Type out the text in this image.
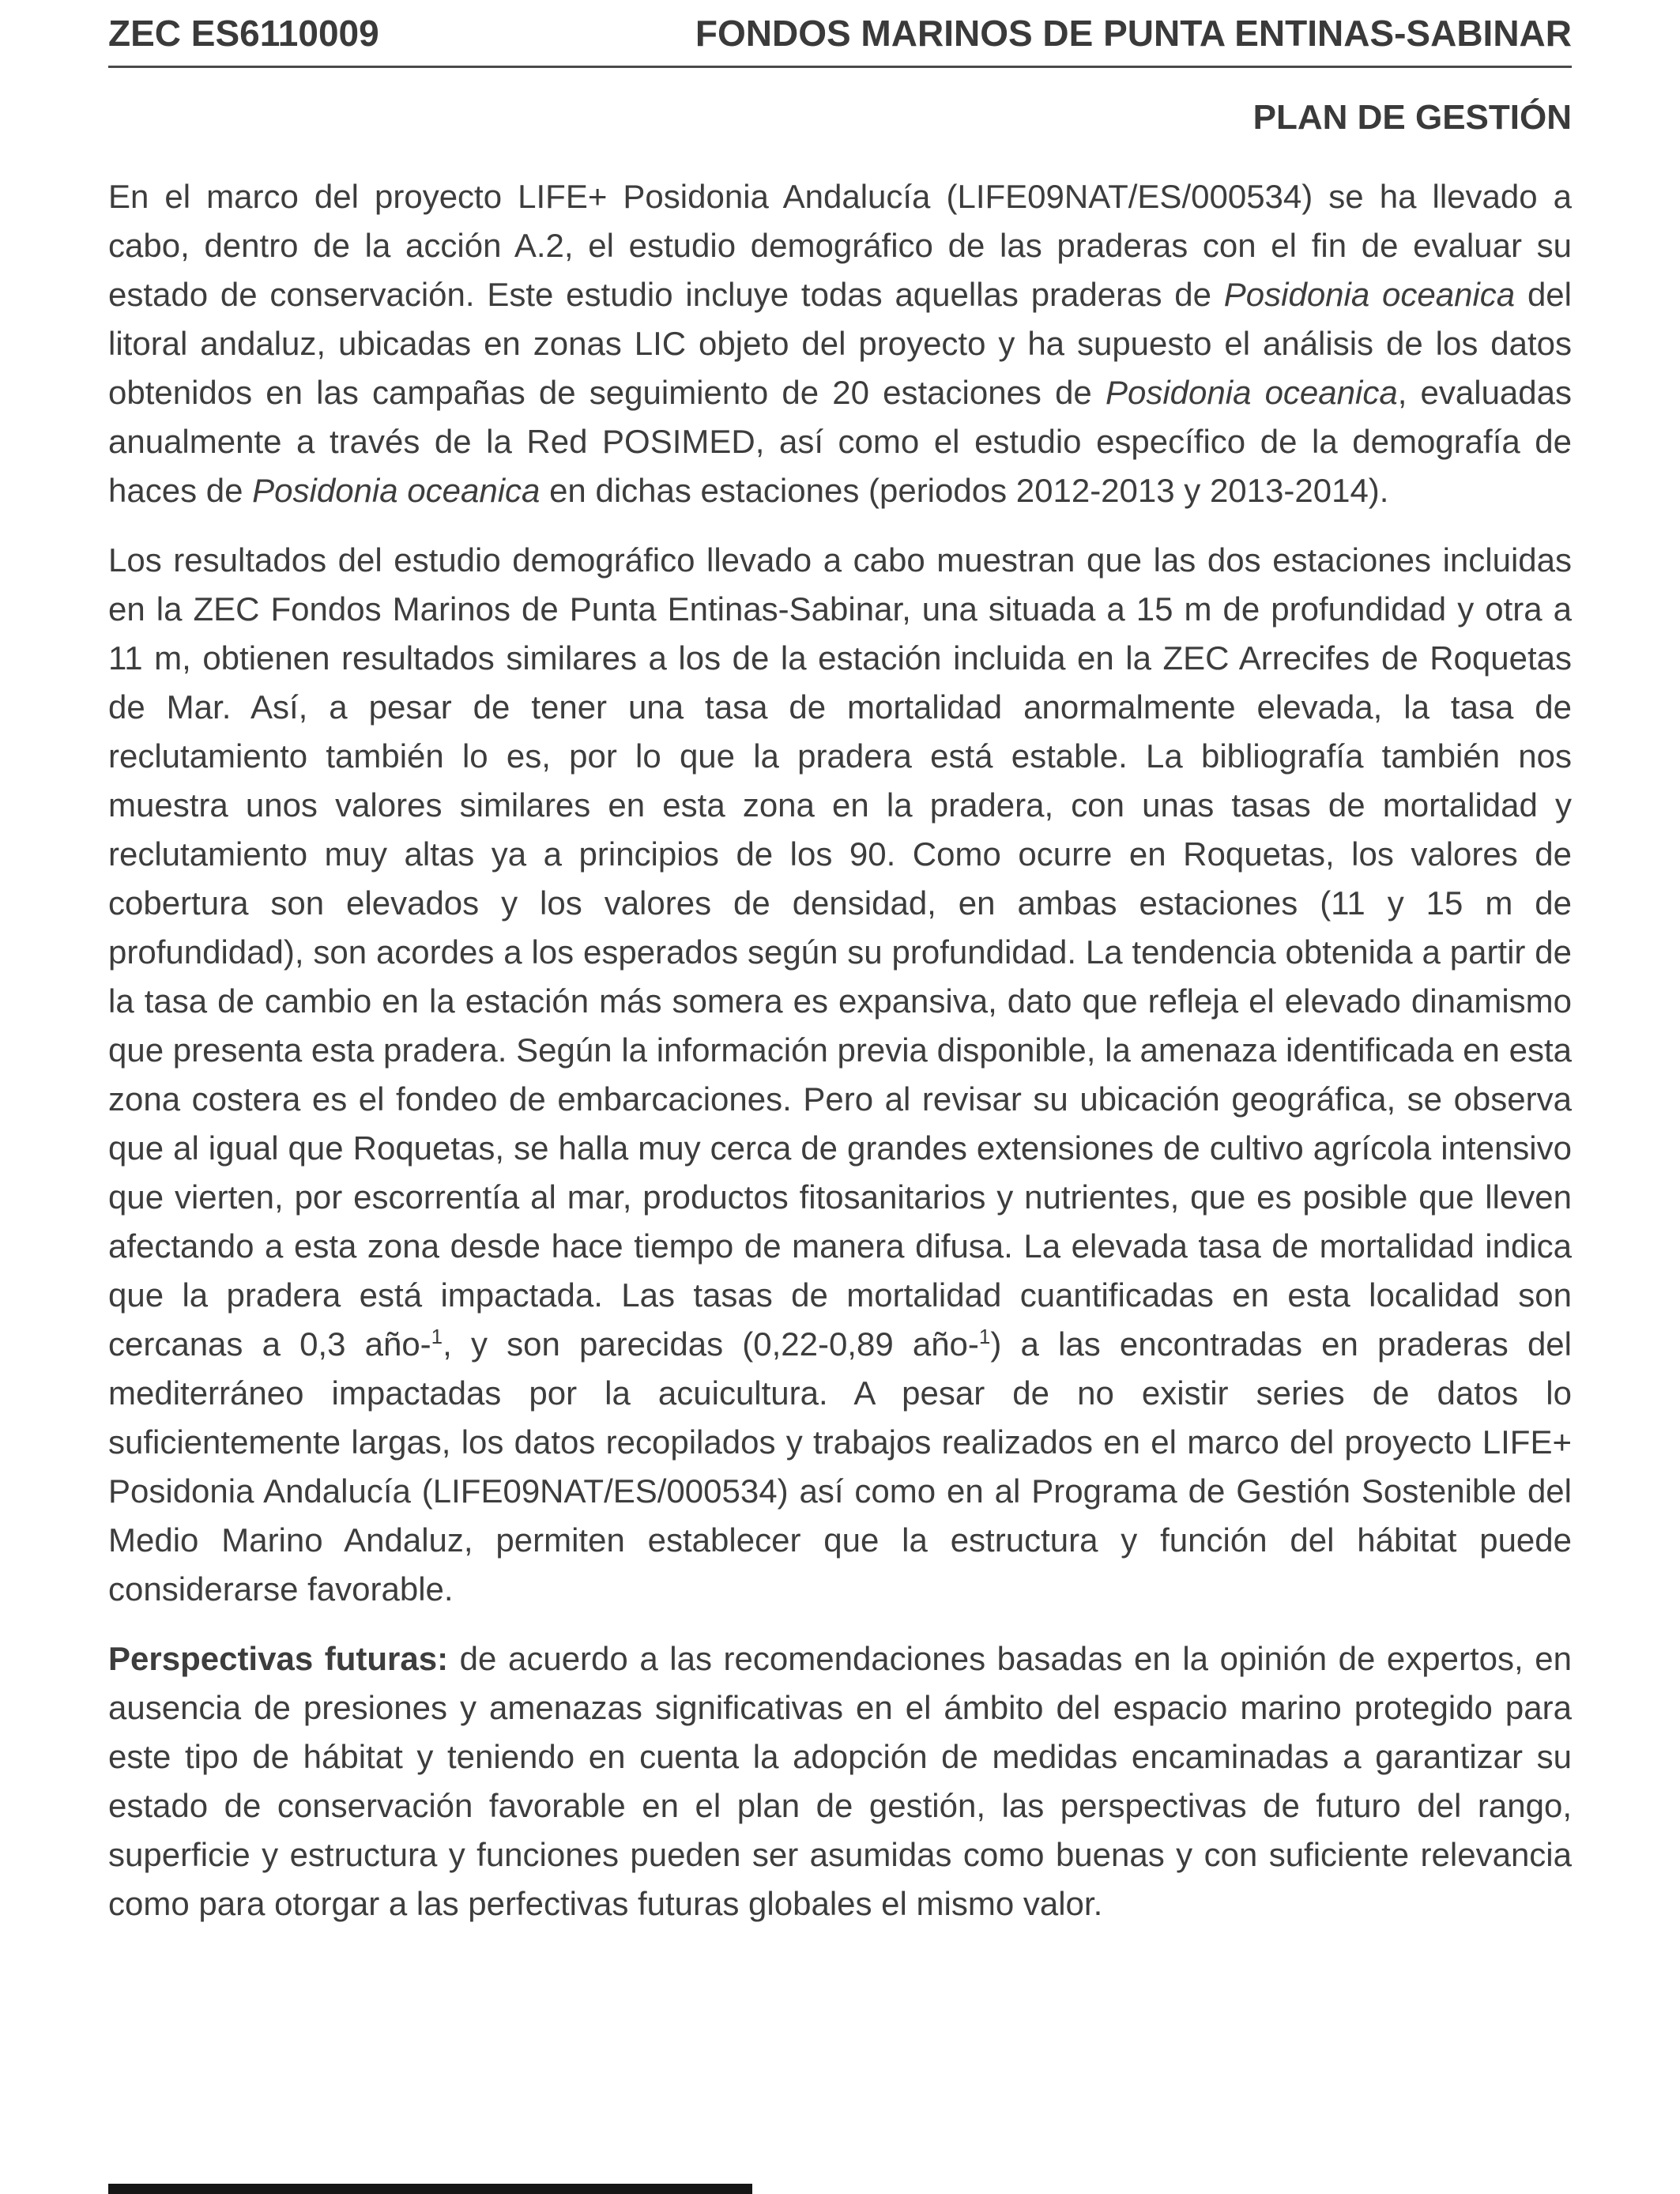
ZEC ES6110009	FONDOS MARINOS DE PUNTA ENTINAS-SABINAR
PLAN DE GESTIÓN

En el marco del proyecto LIFE+ Posidonia Andalucía (LIFE09NAT/ES/000534) se ha llevado a cabo, dentro de la acción A.2, el estudio demográfico de las praderas con el fin de evaluar su estado de conservación. Este estudio incluye todas aquellas praderas de Posidonia oceanica del litoral andaluz, ubicadas en zonas LIC objeto del proyecto y ha supuesto el análisis de los datos obtenidos en las campañas de seguimiento de 20 estaciones de Posidonia oceanica, evaluadas anualmente a través de la Red POSIMED, así como el estudio específico de la demografía de haces de Posidonia oceanica en dichas estaciones (periodos 2012-2013 y 2013-2014).

Los resultados del estudio demográfico llevado a cabo muestran que las dos estaciones incluidas en la ZEC Fondos Marinos de Punta Entinas-Sabinar, una situada a 15 m de profundidad y otra a 11 m, obtienen resultados similares a los de la estación incluida en la ZEC Arrecifes de Roquetas de Mar. Así, a pesar de tener una tasa de mortalidad anormalmente elevada, la tasa de reclutamiento también lo es, por lo que la pradera está estable. La bibliografía también nos muestra unos valores similares en esta zona en la pradera, con unas tasas de mortalidad y reclutamiento muy altas ya a principios de los 90. Como ocurre en Roquetas, los valores de cobertura son elevados y los valores de densidad, en ambas estaciones (11 y 15 m de profundidad), son acordes a los esperados según su profundidad. La tendencia obtenida a partir de la tasa de cambio en la estación más somera es expansiva, dato que refleja el elevado dinamismo que presenta esta pradera. Según la información previa disponible, la amenaza identificada en esta zona costera es el fondeo de embarcaciones. Pero al revisar su ubicación geográfica, se observa que al igual que Roquetas, se halla muy cerca de grandes extensiones de cultivo agrícola intensivo que vierten, por escorrentía al mar, productos fitosanitarios y nutrientes, que es posible que lleven afectando a esta zona desde hace tiempo de manera difusa. La elevada tasa de mortalidad indica que la pradera está impactada. Las tasas de mortalidad cuantificadas en esta localidad son cercanas a 0,3 año-$^1$, y son parecidas (0,22-0,89 año-$^1$) a las encontradas en praderas del mediterráneo impactadas por la acuicultura. A pesar de no existir series de datos lo suficientemente largas, los datos recopilados y trabajos realizados en el marco del proyecto LIFE+ Posidonia Andalucía (LIFE09NAT/ES/000534) así como en al Programa de Gestión Sostenible del Medio Marino Andaluz, permiten establecer que la estructura y función del hábitat puede considerarse favorable.

Perspectivas futuras: de acuerdo a las recomendaciones basadas en la opinión de expertos, en ausencia de presiones y amenazas significativas en el ámbito del espacio marino protegido para este tipo de hábitat y teniendo en cuenta la adopción de medidas encaminadas a garantizar su estado de conservación favorable en el plan de gestión, las perspectivas de futuro del rango, superficie y estructura y funciones pueden ser asumidas como buenas y con suficiente relevancia como para otorgar a las perfectivas futuras globales el mismo valor.
